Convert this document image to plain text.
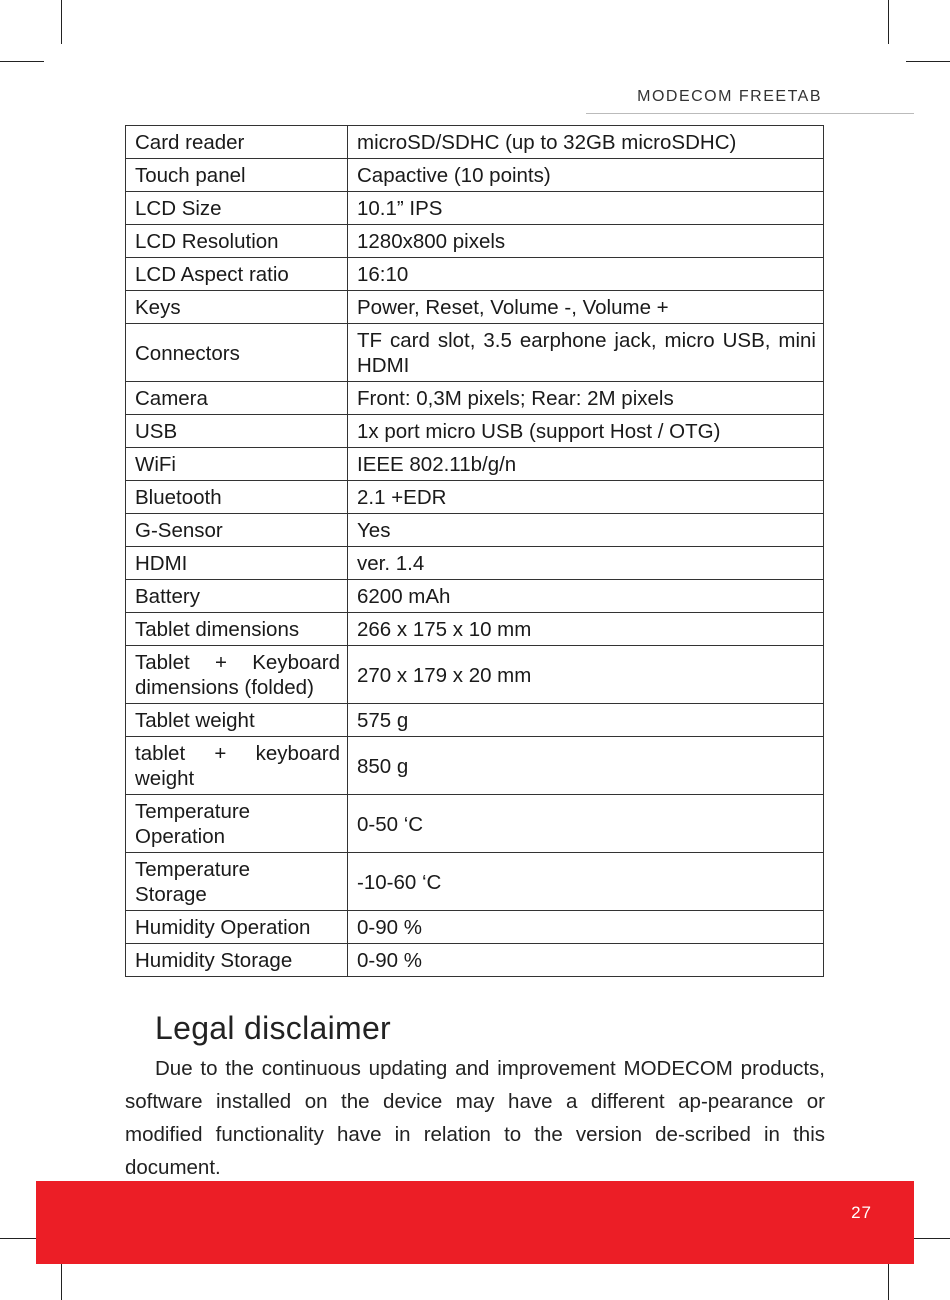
MODECOM FREETAB
Card reader	microSD/SDHC (up to 32GB microSDHC)
Touch panel	Capactive (10 points)
LCD Size	10.1” IPS
LCD Resolution	1280x800 pixels
LCD Aspect ratio	16:10
Keys	Power, Reset, Volume -, Volume +
Connectors	TF card slot, 3.5 earphone jack, micro USB, mini HDMI
Camera	Front: 0,3M pixels; Rear: 2M pixels
USB	1x port micro USB (support Host / OTG)
WiFi	IEEE 802.11b/g/n
Bluetooth	2.1 +EDR
G-Sensor	Yes
HDMI	ver. 1.4
Battery	6200 mAh
Tablet dimensions	266 x 175 x 10 mm
Tablet + Keyboard dimensions (folded)	270 x 179 x 20 mm
Tablet weight	575 g
tablet + keyboard weight	850 g
Temperature Operation	0-50 ‘C
Temperature Storage	-10-60 ‘C
Humidity Operation	0-90 %
Humidity Storage	0-90 %
Legal disclaimer
Due to the continuous updating and improvement MODECOM products, software installed on the device may have a different ap-pearance or modified functionality have in relation to the version de-scribed in this document.
27
